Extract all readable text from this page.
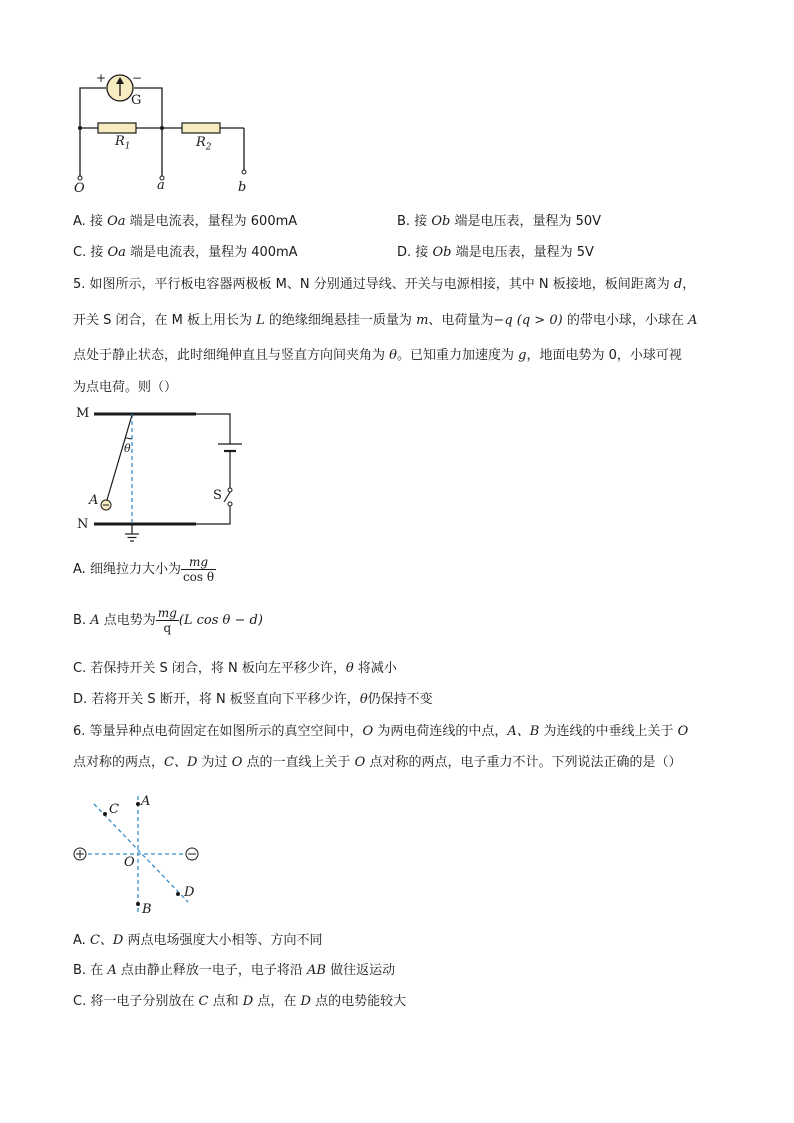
+ −
G
$R_1$	$R_2$
O	a	b
A. 接 Oa 端是电流表，量程为 600mA	B. 接 Ob 端是电压表，量程为 50V
C. 接 Oa 端是电流表，量程为 400mA	D. 接 Ob 端是电压表，量程为 5V
5. 如图所示，平行板电容器两极板 M、N 分别通过导线、开关与电源相接，其中 N 板接地，板间距离为 d，
开关 S 闭合，在 M 板上用长为 L 的绝缘细绳悬挂一质量为 m、电荷量为−q (q > 0) 的带电小球，小球在 A
点处于静止状态，此时细绳伸直且与竖直方向间夹角为 θ。已知重力加速度为 g，地面电势为 0，小球可视
为点电荷。则（）
M
N
θ
A	S
A. 细绳拉力大小为 $\frac{mg}{\text{cos θ}}$
B. A 点电势为 $\frac{mg}{q} (L$ cos θ − d)
C. 若保持开关 S 闭合，将 N 板向左平移少许，θ 将减小
D. 若将开关 S 断开，将 N 板竖直向下平移少许，θ仍保持不变
6. 等量异种点电荷固定在如图所示的真空空间中，O 为两电荷连线的中点，A、B 为连线的中垂线上关于 O
点对称的两点，C、D 为过 O 点的一直线上关于 O 点对称的两点，电子重力不计。下列说法正确的是（）
C
A
O
D
B
A. C、D 两点电场强度大小相等、方向不同
B. 在 A 点由静止释放一电子，电子将沿 AB 做往返运动
C. 将一电子分别放在 C 点和 D 点，在 D 点的电势能较大
